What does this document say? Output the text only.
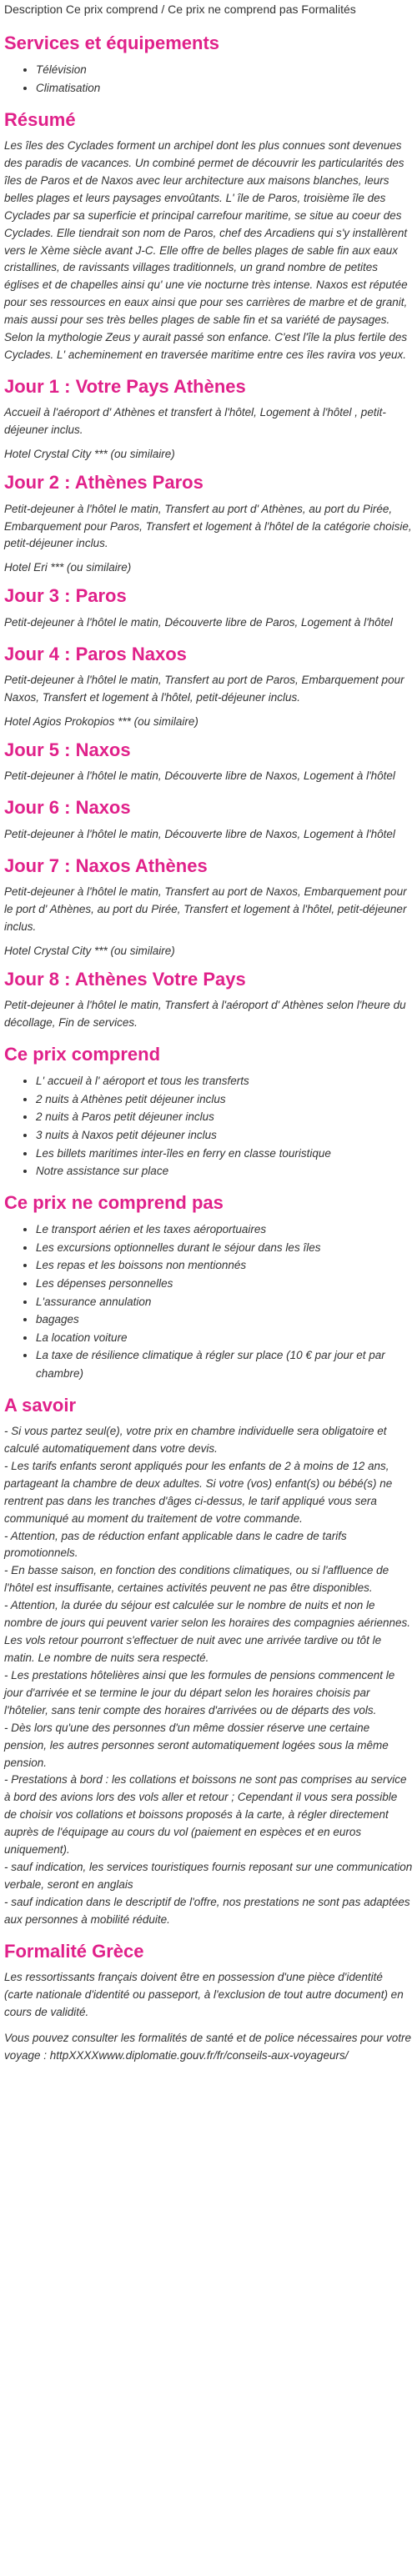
Description Ce prix comprend / Ce prix ne comprend pas Formalités
Services et équipements
• Télévision
• Climatisation
Résumé

Les îles des Cyclades forment un archipel dont les plus connues sont devenues des paradis de vacances. Un combiné permet de découvrir les particularités des îles de Paros et de Naxos avec leur architecture aux maisons blanches, leurs belles plages et leurs paysages envoûtants. L' île de Paros, troisième île des Cyclades par sa superficie et principal carrefour maritime, se situe au coeur des Cyclades. Elle tiendrait son nom de Paros, chef des Arcadiens qui s'y installèrent vers le Xème siècle avant J-C. Elle offre de belles plages de sable fin aux eaux cristallines, de ravissants villages traditionnels, un grand nombre de petites églises et de chapelles ainsi qu' une vie nocturne très intense. Naxos est réputée pour ses ressources en eaux ainsi que pour ses carrières de marbre et de granit, mais aussi pour ses très belles plages de sable fin et sa variété de paysages. Selon la mythologie Zeus y aurait passé son enfance. C'est l'île la plus fertile des Cyclades. L' acheminement en traversée maritime entre ces îles ravira vos yeux.

Jour 1 : Votre Pays Athènes

Accueil à l'aéroport d' Athènes et transfert à l'hôtel, Logement à l'hôtel , petit-déjeuner inclus.

Hotel Crystal City *** (ou similaire)

Jour 2 : Athènes Paros

Petit-dejeuner à l'hôtel le matin, Transfert au port d' Athènes, au port du Pirée, Embarquement pour Paros, Transfert et logement à l'hôtel de la catégorie choisie, petit-déjeuner inclus.

Hotel Eri *** (ou similaire)

Jour 3 : Paros

Petit-dejeuner à l'hôtel le matin, Découverte libre de Paros, Logement à l'hôtel

Jour 4 : Paros Naxos

Petit-dejeuner à l'hôtel le matin, Transfert au port de Paros, Embarquement pour Naxos, Transfert et logement à l'hôtel, petit-déjeuner inclus.

Hotel Agios Prokopios *** (ou similaire)

Jour 5 : Naxos

Petit-dejeuner à l'hôtel le matin, Découverte libre de Naxos, Logement à l'hôtel

Jour 6 : Naxos

Petit-dejeuner à l'hôtel le matin, Découverte libre de Naxos, Logement à l'hôtel

Jour 7 : Naxos Athènes

Petit-dejeuner à l'hôtel le matin, Transfert au port de Naxos, Embarquement pour le port d' Athènes, au port du Pirée, Transfert et logement à l'hôtel, petit-déjeuner inclus.

Hotel Crystal City *** (ou similaire)

Jour 8 : Athènes Votre Pays

Petit-dejeuner à l'hôtel le matin, Transfert à l'aéroport d' Athènes selon l'heure du décollage, Fin de services.

Ce prix comprend
• L' accueil à l' aéroport et tous les transferts
• 2 nuits à Athènes petit déjeuner inclus
• 2 nuits à Paros petit déjeuner inclus
• 3 nuits à Naxos petit déjeuner inclus
• Les billets maritimes inter-îles en ferry en classe touristique
• Notre assistance sur place
Ce prix ne comprend pas
• Le transport aérien et les taxes aéroportuaires
• Les excursions optionnelles durant le séjour dans les îles
• Les repas et les boissons non mentionnés
• Les dépenses personnelles
• L'assurance annulation
• bagages
• La location voiture
• La taxe de résilience climatique à régler sur place (10 € par jour et par chambre)
A savoir

- Si vous partez seul(e), votre prix en chambre individuelle sera obligatoire et calculé automatiquement dans votre devis.

- Les tarifs enfants seront appliqués pour les enfants de 2 à moins de 12 ans, partageant la chambre de deux adultes. Si votre (vos) enfant(s) ou bébé(s) ne rentrent pas dans les tranches d'âges ci-dessus, le tarif appliqué vous sera communiqué au moment du traitement de votre commande.

- Attention, pas de réduction enfant applicable dans le cadre de tarifs promotionnels.

- En basse saison, en fonction des conditions climatiques, ou si l'affluence de l'hôtel est insuffisante, certaines activités peuvent ne pas être disponibles.

- Attention, la durée du séjour est calculée sur le nombre de nuits et non le nombre de jours qui peuvent varier selon les horaires des compagnies aériennes. Les vols retour pourront s'effectuer de nuit avec une arrivée tardive ou tôt le matin. Le nombre de nuits sera respecté.

- Les prestations hôtelières ainsi que les formules de pensions commencent le jour d'arrivée et se termine le jour du départ selon les horaires choisis par l'hôtelier, sans tenir compte des horaires d'arrivées ou de départs des vols.

- Dès lors qu'une des personnes d'un même dossier réserve une certaine pension, les autres personnes seront automatiquement logées sous la même pension.

- Prestations à bord : les collations et boissons ne sont pas comprises au service à bord des avions lors des vols aller et retour ; Cependant il vous sera possible de choisir vos collations et boissons proposés à la carte, à régler directement auprès de l'équipage au cours du vol (paiement en espèces et en euros uniquement).

- sauf indication, les services touristiques fournis reposant sur une communication verbale, seront en anglais

- sauf indication dans le descriptif de l'offre, nos prestations ne sont pas adaptées aux personnes à mobilité réduite.

Formalité Grèce

Les ressortissants français doivent être en possession d'une pièce d'identité (carte nationale d'identité ou passeport, à l'exclusion de tout autre document) en cours de validité.

Vous pouvez consulter les formalités de santé et de police nécessaires pour votre voyage : httpXXXXwww.diplomatie.gouv.fr/fr/conseils-aux-voyageurs/
